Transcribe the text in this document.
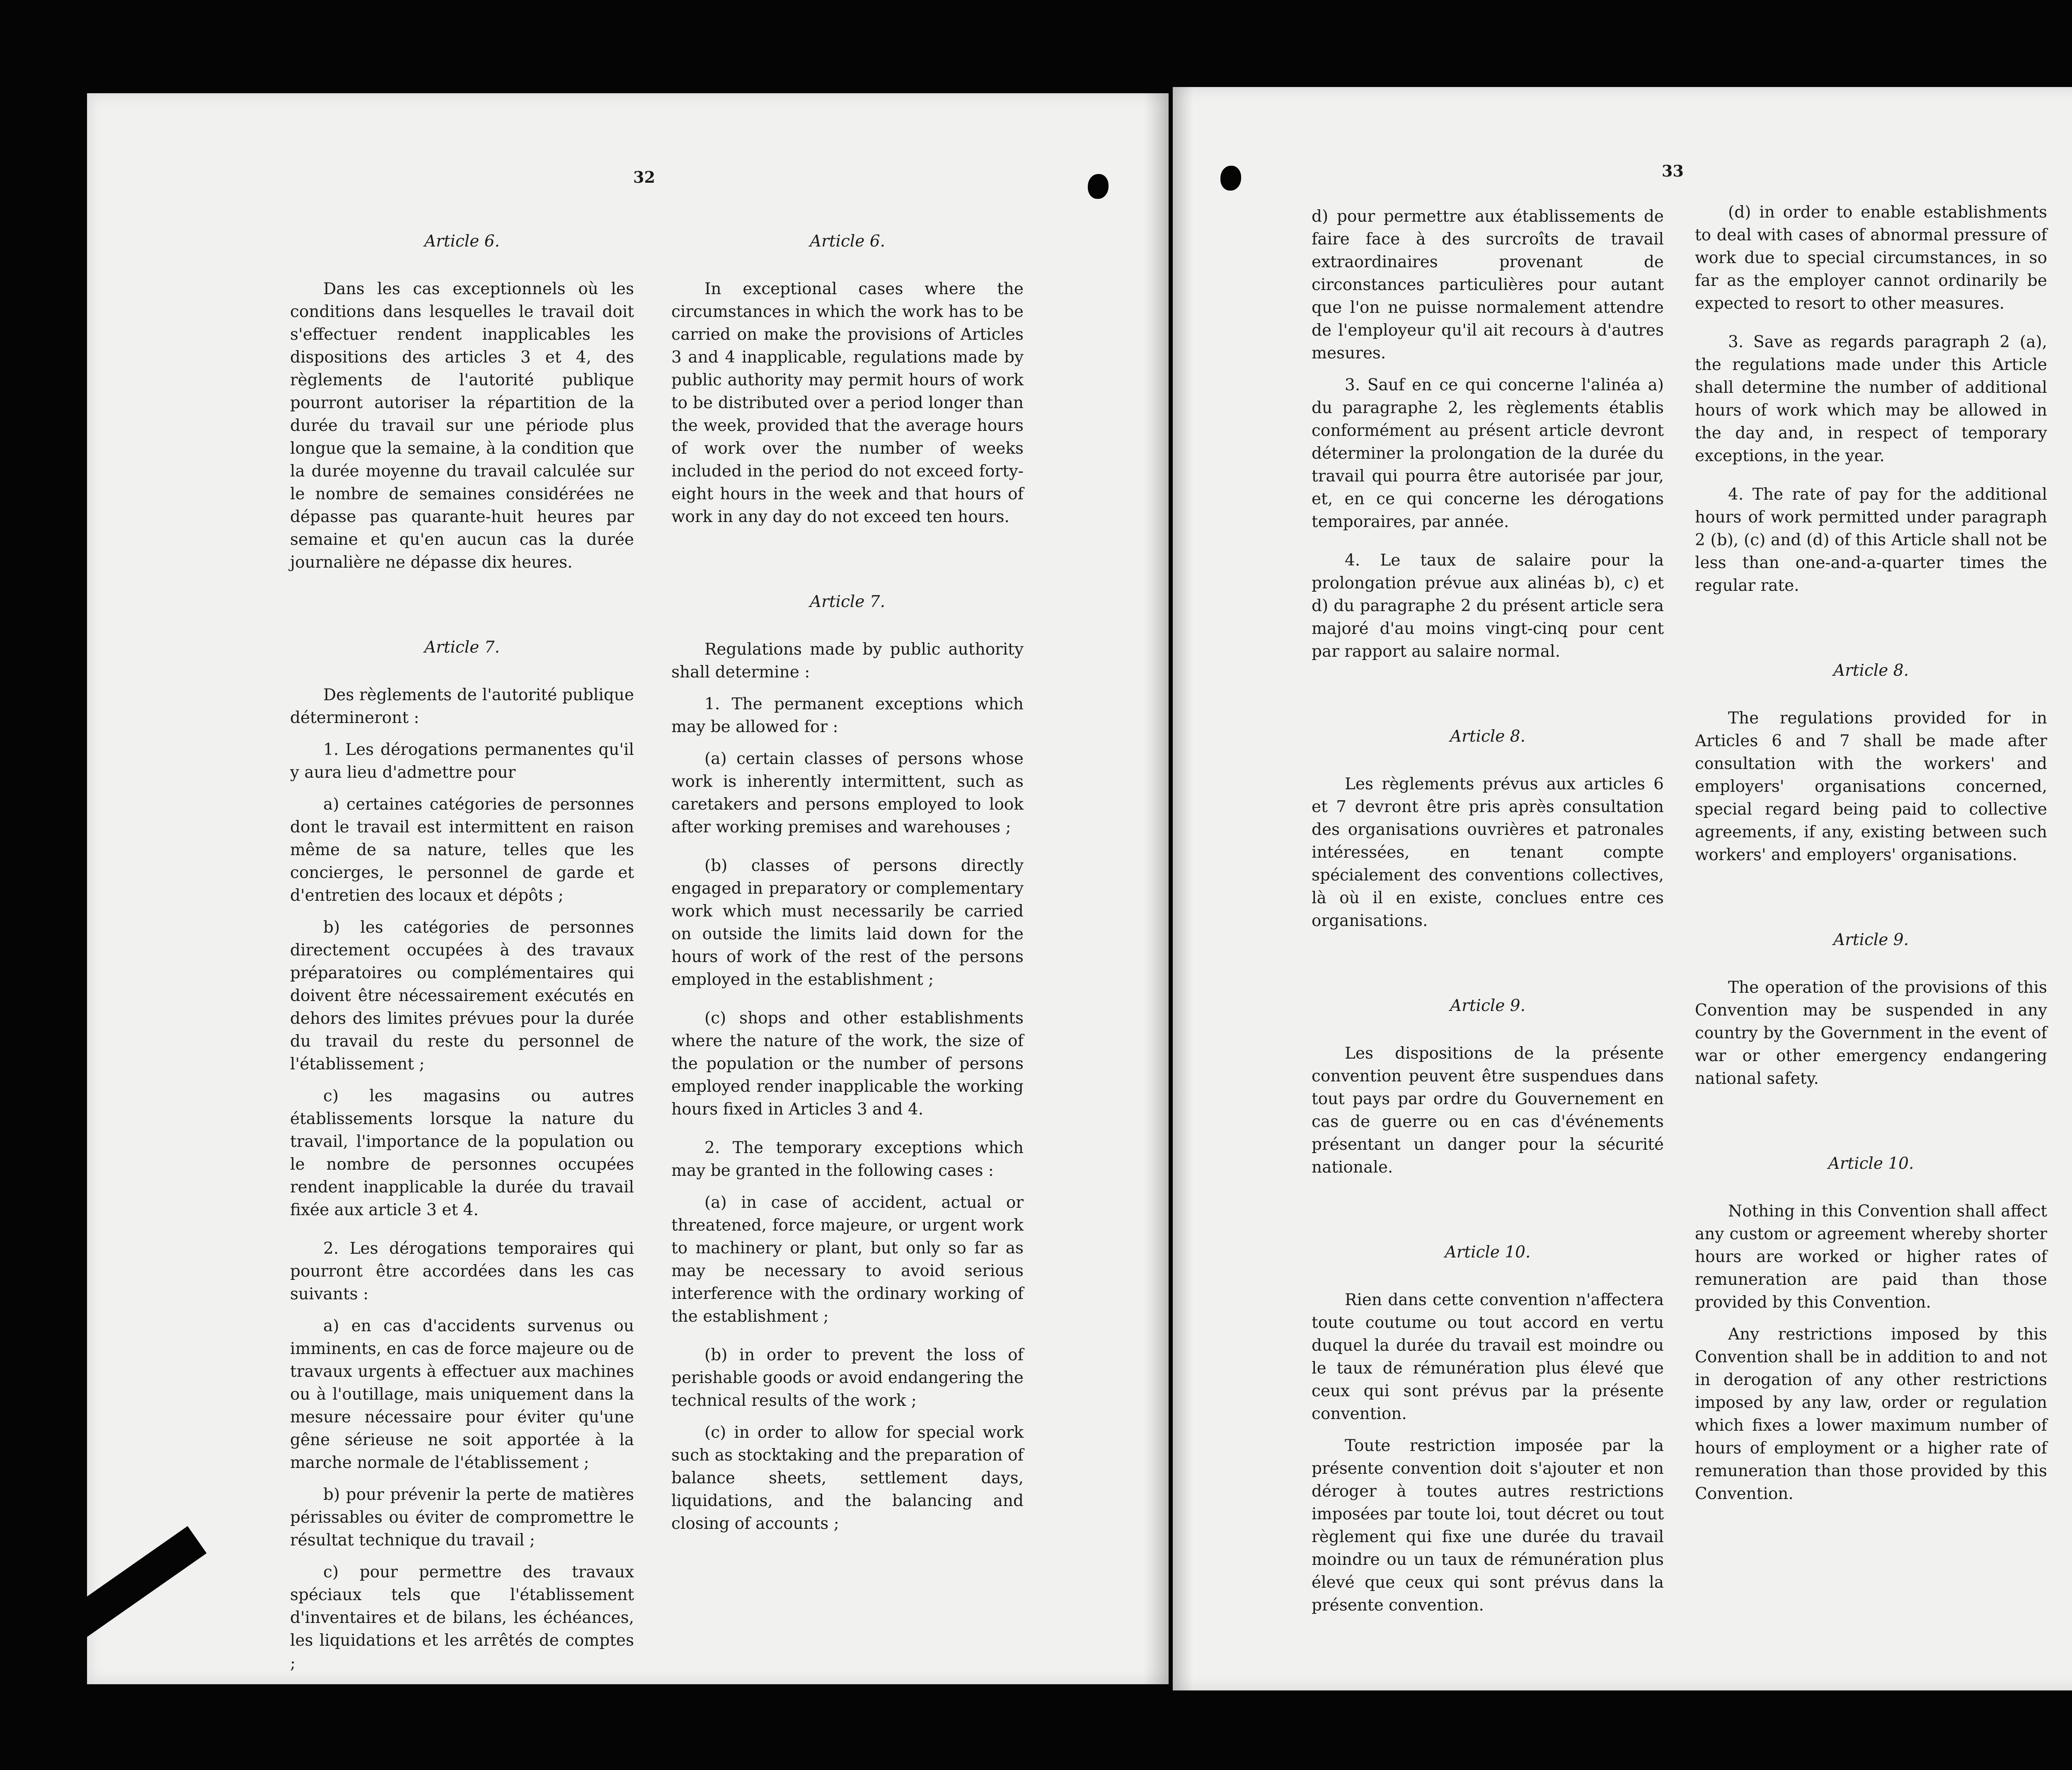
32
Article 6.

Dans les cas exceptionnels où les conditions dans lesquelles le travail doit s'effectuer rendent inapplicables les dispositions des articles 3 et 4, des règlements de l'autorité publique pourront autoriser la répartition de la durée du travail sur une période plus longue que la semaine, à la condition que la durée moyenne du travail calculée sur le nombre de semaines considérées ne dépasse pas quarante-huit heures par semaine et qu'en aucun cas la durée journalière ne dépasse dix heures.

Article 7.

Des règlements de l'autorité publique détermineront :

1. Les dérogations permanentes qu'il y aura lieu d'admettre pour

a) certaines catégories de personnes dont le travail est intermittent en raison même de sa nature, telles que les concierges, le personnel de garde et d'entretien des locaux et dépôts ;

b) les catégories de personnes directement occupées à des travaux préparatoires ou complémentaires qui doivent être nécessairement exécutés en dehors des limites prévues pour la durée du travail du reste du personnel de l'établissement ;

c) les magasins ou autres établissements lorsque la nature du travail, l'importance de la population ou le nombre de personnes occupées rendent inapplicable la durée du travail fixée aux article 3 et 4.

2. Les dérogations temporaires qui pourront être accordées dans les cas suivants :

a) en cas d'accidents survenus ou imminents, en cas de force majeure ou de travaux urgents à effectuer aux machines ou à l'outillage, mais uniquement dans la mesure nécessaire pour éviter qu'une gêne sérieuse ne soit apportée à la marche normale de l'établissement ;

b) pour prévenir la perte de matières périssables ou éviter de compromettre le résultat technique du travail ;

c) pour permettre des travaux spéciaux tels que l'établissement d'inventaires et de bilans, les échéances, les liquidations et les arrêtés de comptes ;

Article 6.

In exceptional cases where the circumstances in which the work has to be carried on make the provisions of Articles 3 and 4 inapplicable, regulations made by public authority may permit hours of work to be distributed over a period longer than the week, provided that the average hours of work over the number of weeks included in the period do not exceed forty-eight hours in the week and that hours of work in any day do not exceed ten hours.

Article 7.

Regulations made by public authority shall determine :

1. The permanent exceptions which may be allowed for :

(a) certain classes of persons whose work is inherently intermittent, such as caretakers and persons employed to look after working premises and warehouses ;

(b) classes of persons directly engaged in preparatory or complementary work which must necessarily be carried on outside the limits laid down for the hours of work of the rest of the persons employed in the establishment ;

(c) shops and other establishments where the nature of the work, the size of the population or the number of persons employed render inapplicable the working hours fixed in Articles 3 and 4.

2. The temporary exceptions which may be granted in the following cases :

(a) in case of accident, actual or threatened, force majeure, or urgent work to machinery or plant, but only so far as may be necessary to avoid serious interference with the ordinary working of the establishment ;

(b) in order to prevent the loss of perishable goods or avoid endangering the technical results of the work ;

(c) in order to allow for special work such as stocktaking and the preparation of balance sheets, settlement days, liquidations, and the balancing and closing of accounts ;

33

d) pour permettre aux établissements de faire face à des surcroîts de travail extraordinaires provenant de circonstances particulières pour autant que l'on ne puisse normalement attendre de l'employeur qu'il ait recours à d'autres mesures.

3. Sauf en ce qui concerne l'alinéa a) du paragraphe 2, les règlements établis conformément au présent article devront déterminer la prolongation de la durée du travail qui pourra être autorisée par jour, et, en ce qui concerne les dérogations temporaires, par année.

4. Le taux de salaire pour la prolongation prévue aux alinéas b), c) et d) du paragraphe 2 du présent article sera majoré d'au moins vingt-cinq pour cent par rapport au salaire normal.

Article 8.

Les règlements prévus aux articles 6 et 7 devront être pris après consultation des organisations ouvrières et patronales intéressées, en tenant compte spécialement des conventions collectives, là où il en existe, conclues entre ces organisations.

Article 9.

Les dispositions de la présente convention peuvent être suspendues dans tout pays par ordre du Gouvernement en cas de guerre ou en cas d'événements présentant un danger pour la sécurité nationale.

Article 10.

Rien dans cette convention n'affectera toute coutume ou tout accord en vertu duquel la durée du travail est moindre ou le taux de rémunération plus élevé que ceux qui sont prévus par la présente convention.

Toute restriction imposée par la présente convention doit s'ajouter et non déroger à toutes autres restrictions imposées par toute loi, tout décret ou tout règlement qui fixe une durée du travail moindre ou un taux de rémunération plus élevé que ceux qui sont prévus dans la présente convention.

(d) in order to enable establishments to deal with cases of abnormal pressure of work due to special circumstances, in so far as the employer cannot ordinarily be expected to resort to other measures.

3. Save as regards paragraph 2 (a), the regulations made under this Article shall determine the number of additional hours of work which may be allowed in the day and, in respect of temporary exceptions, in the year.

4. The rate of pay for the additional hours of work permitted under paragraph 2 (b), (c) and (d) of this Article shall not be less than one-and-a-quarter times the regular rate.

Article 8.

The regulations provided for in Articles 6 and 7 shall be made after consultation with the workers' and employers' organisations concerned, special regard being paid to collective agreements, if any, existing between such workers' and employers' organisations.

Article 9.

The operation of the provisions of this Convention may be suspended in any country by the Government in the event of war or other emergency endangering national safety.

Article 10.

Nothing in this Convention shall affect any custom or agreement whereby shorter hours are worked or higher rates of remuneration are paid than those provided by this Convention.

Any restrictions imposed by this Convention shall be in addition to and not in derogation of any other restrictions imposed by any law, order or regulation which fixes a lower maximum number of hours of employment or a higher rate of remuneration than those provided by this Convention.
